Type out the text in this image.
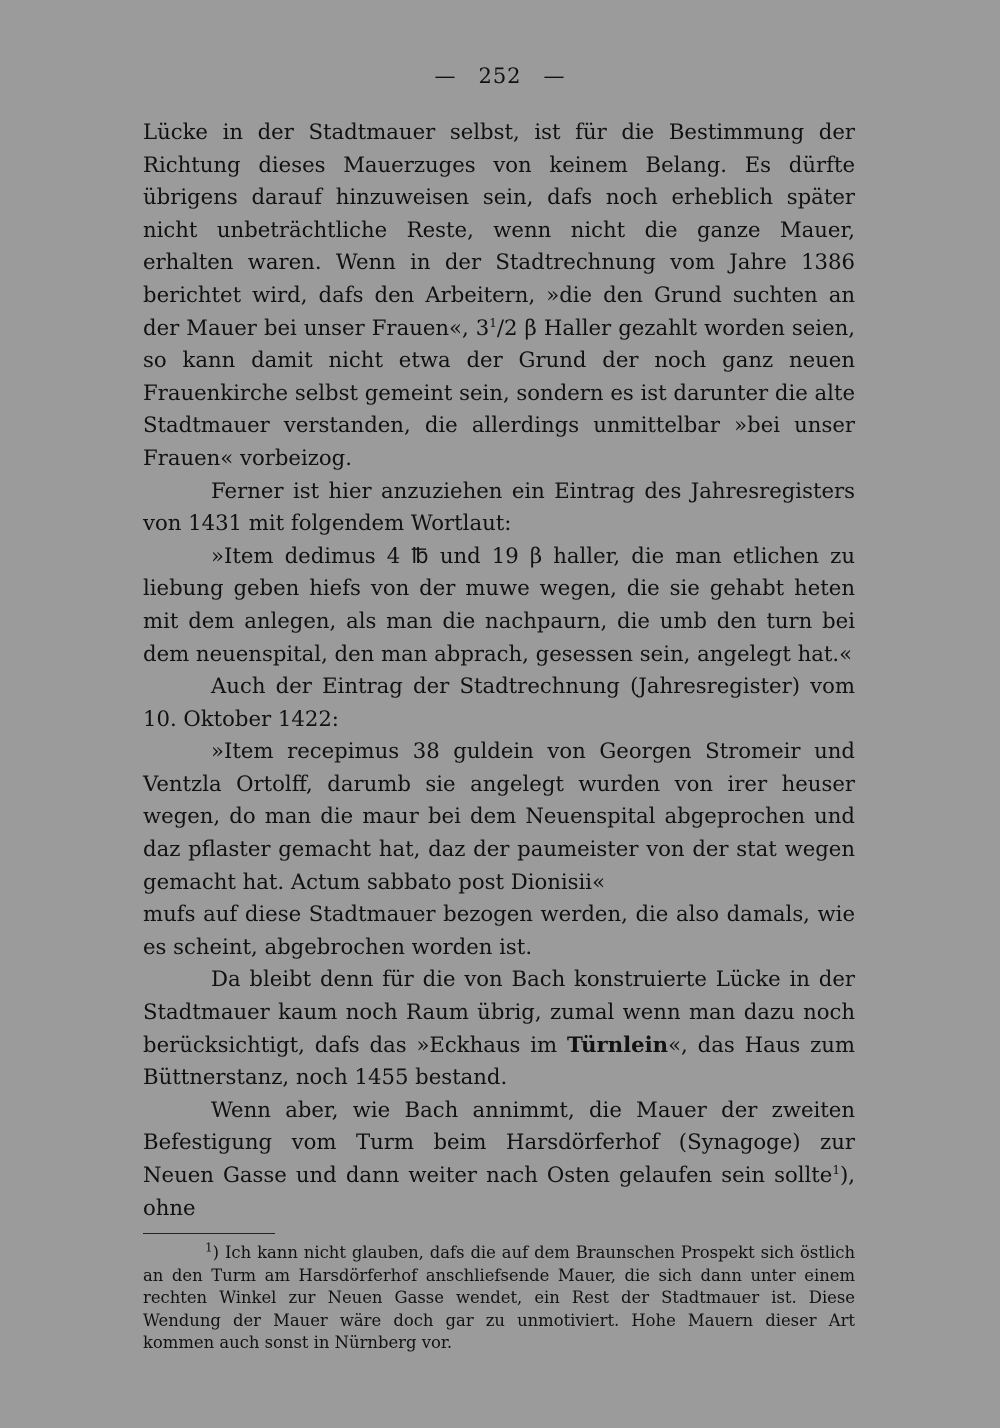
— 252 —

Lücke in der Stadtmauer selbst, ist für die Bestimmung der Richtung dieses Mauerzuges von keinem Belang. Es dürfte übrigens darauf hinzuweisen sein, dafs noch erheblich später nicht unbeträchtliche Reste, wenn nicht die ganze Mauer, erhalten waren. Wenn in der Stadtrechnung vom Jahre 1386 berichtet wird, dafs den Arbeitern, »die den Grund suchten an der Mauer bei unser Frauen«, $3^1/2$ β Haller gezahlt worden seien, so kann damit nicht etwa der Grund der noch ganz neuen Frauenkirche selbst gemeint sein, sondern es ist darunter die alte Stadtmauer verstanden, die allerdings unmittelbar »bei unser Frauen« vorbeizog.

Ferner ist hier anzuziehen ein Eintrag des Jahresregisters von 1431 mit folgendem Wortlaut:

»Item dedimus 4 ℔ und 19 β haller, die man etlichen zu liebung geben hiefs von der muwe wegen, die sie gehabt heten mit dem anlegen, als man die nachpaurn, die umb den turn bei dem neuenspital, den man abprach, gesessen sein, angelegt hat.«

Auch der Eintrag der Stadtrechnung (Jahresregister) vom 10. Oktober 1422:

»Item recepimus 38 guldein von Georgen Stromeir und Ventzla Ortolff, darumb sie angelegt wurden von irer heuser wegen, do man die maur bei dem Neuenspital abgeprochen und daz pflaster gemacht hat, daz der paumeister von der stat wegen gemacht hat. Actum sabbato post Dionisii«

mufs auf diese Stadtmauer bezogen werden, die also damals, wie es scheint, abgebrochen worden ist.

Da bleibt denn für die von Bach konstruierte Lücke in der Stadtmauer kaum noch Raum übrig, zumal wenn man dazu noch berücksichtigt, dafs das »Eckhaus im Türnlein«, das Haus zum Büttnerstanz, noch 1455 bestand.

Wenn aber, wie Bach annimmt, die Mauer der zweiten Befestigung vom Turm beim Harsdörferhof (Synagoge) zur Neuen Gasse und dann weiter nach Osten gelaufen sein sollte$^1$), ohne

$^1$) Ich kann nicht glauben, dafs die auf dem Braunschen Prospekt sich östlich an den Turm am Harsdörferhof anschliefsende Mauer, die sich dann unter einem rechten Winkel zur Neuen Gasse wendet, ein Rest der Stadtmauer ist. Diese Wendung der Mauer wäre doch gar zu unmotiviert. Hohe Mauern dieser Art kommen auch sonst in Nürnberg vor.
